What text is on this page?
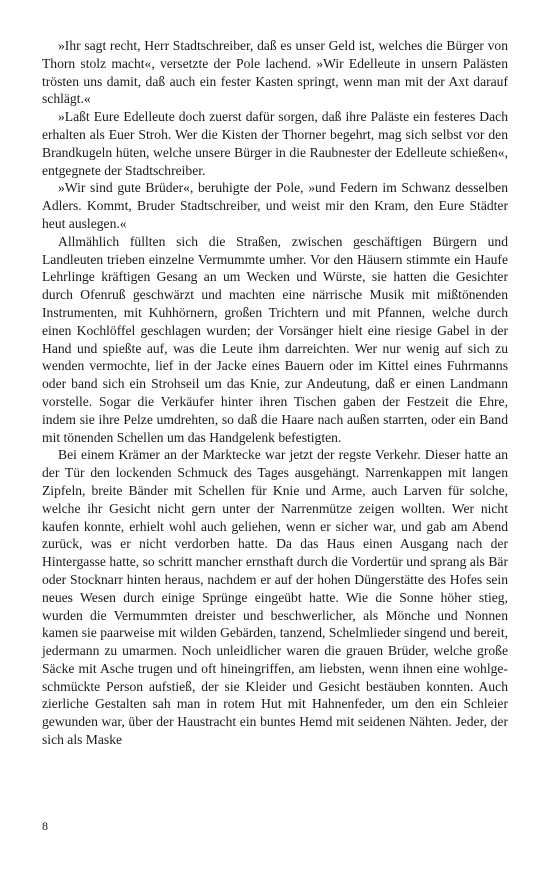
»Ihr sagt recht, Herr Stadtschreiber, daß es unser Geld ist, welches die Bürger von Thorn stolz macht«, versetzte der Pole lachend. »Wir Edelleute in unsern Palästen trösten uns damit, daß auch ein fester Kasten springt, wenn man mit der Axt darauf schlägt.«

»Laßt Eure Edelleute doch zuerst dafür sorgen, daß ihre Paläste ein festeres Dach erhalten als Euer Stroh. Wer die Kisten der Thorner begehrt, mag sich selbst vor den Brandkugeln hüten, welche unsere Bürger in die Raubnester der Edelleute schießen«, entgegnete der Stadtschreiber.

»Wir sind gute Brüder«, beruhigte der Pole, »und Federn im Schwanz desselben Adlers. Kommt, Bruder Stadtschreiber, und weist mir den Kram, den Eure Städter heut auslegen.«

Allmählich füllten sich die Straßen, zwischen geschäftigen Bürgern und Landleuten trieben einzelne Vermummte umher. Vor den Häusern stimmte ein Haufe Lehrlinge kräftigen Gesang an um Wecken und Würste, sie hatten die Gesichter durch Ofenruß geschwärzt und machten eine närrische Musik mit mißtönenden Instrumenten, mit Kuhhörnern, großen Trichtern und mit Pfannen, welche durch einen Kochlöffel geschlagen wurden; der Vorsänger hielt eine riesige Gabel in der Hand und spießte auf, was die Leute ihm darreichten. Wer nur wenig auf sich zu wenden vermochte, lief in der Jacke eines Bauern oder im Kittel eines Fuhrmanns oder band sich ein Strohseil um das Knie, zur Andeutung, daß er einen Landmann vorstelle. Sogar die Verkäufer hinter ihren Tischen gaben der Festzeit die Ehre, indem sie ihre Pelze umdrehten, so daß die Haare nach außen starrten, oder ein Band mit tönenden Schellen um das Handgelenk befestigten.

Bei einem Krämer an der Marktecke war jetzt der regste Verkehr. Dieser hatte an der Tür den lockenden Schmuck des Tages ausgehängt. Narrenkappen mit langen Zipfeln, breite Bänder mit Schellen für Knie und Arme, auch Larven für solche, welche ihr Gesicht nicht gern unter der Narrenmütze zeigen wollten. Wer nicht kaufen konnte, erhielt wohl auch geliehen, wenn er sicher war, und gab am Abend zurück, was er nicht verdorben hatte. Da das Haus einen Ausgang nach der Hintergasse hatte, so schritt mancher ernsthaft durch die Vordertür und sprang als Bär oder Stocknarr hinten heraus, nachdem er auf der hohen Düngerstätte des Hofes sein neues Wesen durch einige Sprünge eingeübt hatte. Wie die Sonne höher stieg, wurden die Vermummten dreister und beschwerlicher, als Mönche und Nonnen kamen sie paarweise mit wilden Gebärden, tanzend, Schelmlieder singend und bereit, jedermann zu umarmen. Noch unleidlicher waren die grauen Brüder, welche große Säcke mit Asche trugen und oft hineingriffen, am liebsten, wenn ihnen eine wohlgeschmückte Person aufstieß, der sie Kleider und Gesicht bestäuben konnten. Auch zierliche Gestalten sah man in rotem Hut mit Hahnenfeder, um den ein Schleier gewunden war, über der Haustracht ein buntes Hemd mit seidenen Nähten. Jeder, der sich als Maske

8
